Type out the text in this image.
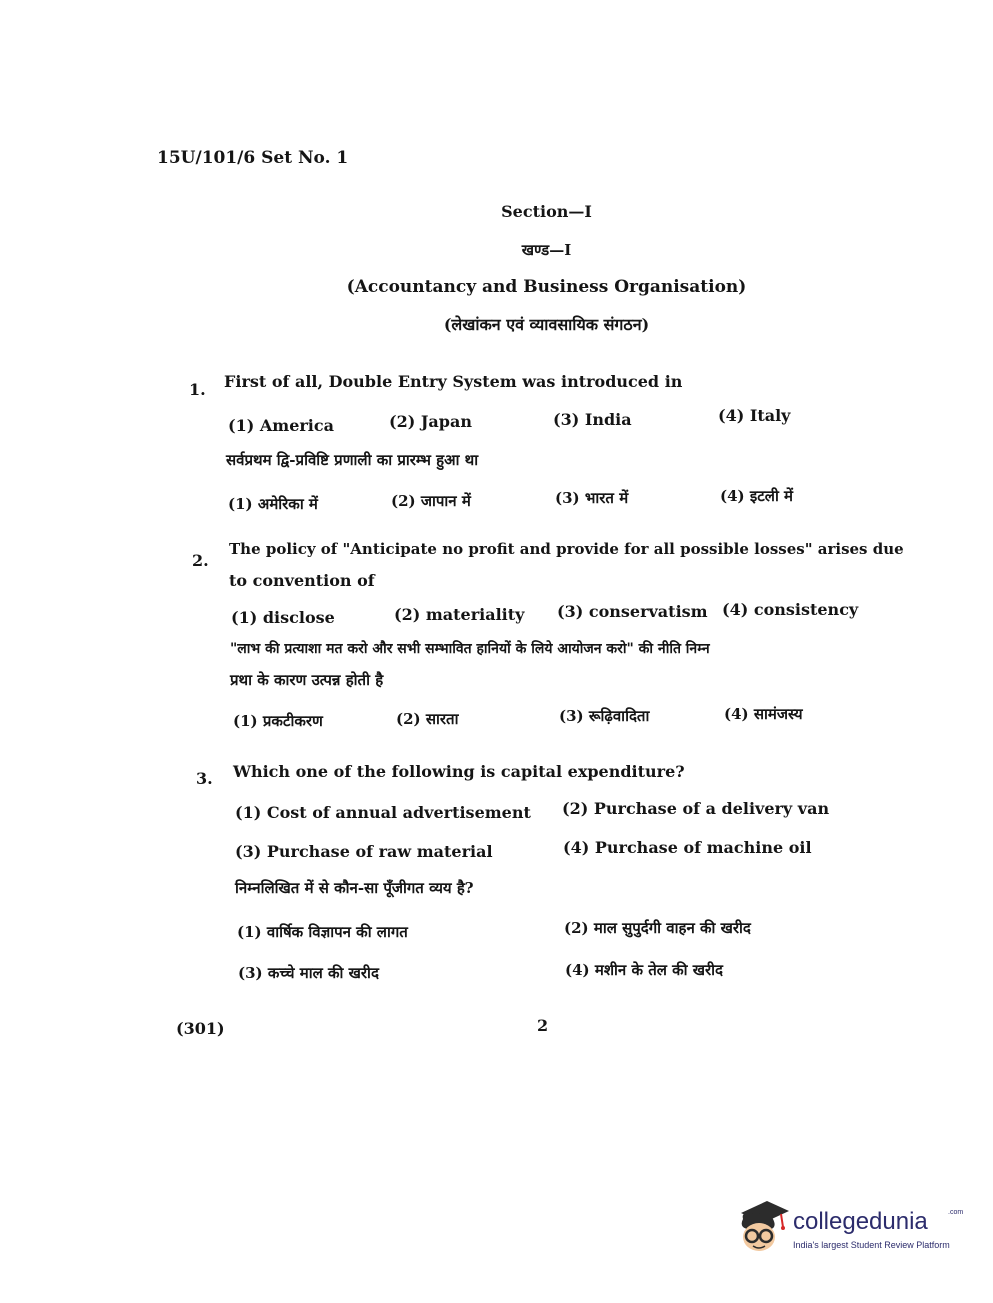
15U/101/6 Set No. 1
Section—I
खण्ड—I
(Accountancy and Business Organisation)
(लेखांकन एवं व्यावसायिक संगठन)
1. First of all, Double Entry System was introduced in
(1) America	(2) Japan	(3) India	(4) Italy
सर्वप्रथम द्वि-प्रविष्टि प्रणाली का प्रारम्भ हुआ था
(1) अमेरिका में	(2) जापान में	(3) भारत में	(4) इटली में
2.
The policy of "Anticipate no profit and provide for all possible losses" arises due
to convention of
(1) disclose	(2) materiality (3) conservatism (4) consistency
"लाभ की प्रत्याशा मत करो और सभी सम्भावित हानियों के लिये आयोजन करो" की नीति निम्न
प्रथा के कारण उत्पन्न होती है
(1) प्रकटीकरण	(2) सारता	(3) रूढ़िवादिता	(4) सामंजस्य
3. Which one of the following is capital expenditure?
(1) Cost of annual advertisement (2) Purchase of a delivery van
(3) Purchase of raw material	(4) Purchase of machine oil
निम्नलिखित में से कौन-सा पूँजीगत व्यय है?
(1) वार्षिक विज्ञापन की लागत	(2) माल सुपुर्दगी वाहन की खरीद
(3) कच्चे माल की खरीद	(4) मशीन के तेल की खरीद
(301)	2
collegedunia	.com
India's largest Student Review Platform
